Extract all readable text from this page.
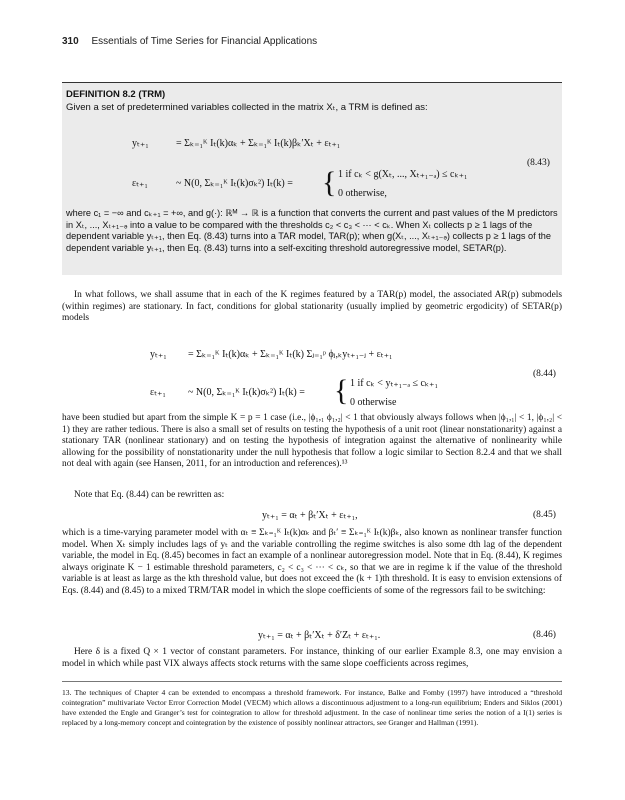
310 Essentials of Time Series for Financial Applications
DEFINITION 8.2 (TRM)
Given a set of predetermined variables collected in the matrix Xₜ, a TRM is defined as:
yₜ₊₁	= Σₖ₌₁ᴷ Iₜ(k)αₖ + Σₖ₌₁ᴷ Iₜ(k)βₖ′Xₜ + εₜ₊₁
εₜ₊₁	~ N(0, Σₖ₌₁ᴷ Iₜ(k)σₖ²) Iₜ(k) = { 1 if cₖ < g(Xₜ, ..., Xₜ₊₁₋ₔ) ≤ cₖ₊₁
0 otherwise,
(8.43)
where c₁ = −∞ and cₖ₊₁ = +∞, and g(·): ℝᴹ → ℝ is a function that converts the current and past values of the M predictors in Xₜ, ..., Xₜ₊₁₋ₔ into a value to be compared with the thresholds c₂ < c₃ < ⋯ < cₖ. When Xₜ collects p ≥ 1 lags of the dependent variable yₜ₊₁, then Eq. (8.43) turns into a TAR model, TAR(p); when g(Xₜ, ..., Xₜ₊₁₋ₔ) collects p ≥ 1 lags of the dependent variable yₜ₊₁, then Eq. (8.43) turns into a self-exciting threshold autoregressive model, SETAR(p).
In what follows, we shall assume that in each of the K regimes featured by a TAR(p) model, the associated AR(p) submodels (within regimes) are stationary. In fact, conditions for global stationarity (usually implied by geometric ergodicity) of SETAR(p) models
yₜ₊₁ = Σₖ₌₁ᴷ Iₜ(k)αₖ + Σₖ₌₁ᴷ Iₜ(k) Σⱼ₌₁ᵖ ϕⱼ,ₖyₜ₊₁₋ⱼ + εₜ₊₁
εₜ₊₁ ~ N(0, Σₖ₌₁ᴷ Iₜ(k)σₖ²) Iₜ(k) = { 1 if cₖ < yₜ₊₁₋ₔ ≤ cₖ₊₁
0 otherwise
(8.44)
have been studied but apart from the simple K = p = 1 case (i.e., |ϕ₁,₁ ϕ₁,₂| < 1 that obviously always follows when |ϕ₁,₁| < 1, |ϕ₁,₂| < 1) they are rather tedious. There is also a small set of results on testing the hypothesis of a unit root (linear nonstationarity) against a stationary TAR (nonlinear stationary) and on testing the hypothesis of integration against the alternative of nonlinearity while allowing for the possibility of nonstationarity under the null hypothesis that follow a logic similar to Section 8.2.4 and that we shall not deal with again (see Hansen, 2011, for an introduction and references).¹³
Note that Eq. (8.44) can be rewritten as:
yₜ₊₁ = αₜ + βₜ′Xₜ + εₜ₊₁,	(8.45)
which is a time-varying parameter model with αₜ ≡ Σₖ₌₁ᴷ Iₜ(k)αₖ and βₜ′ ≡ Σₖ₌₁ᴷ Iₜ(k)βₖ, also known as nonlinear transfer function model. When Xₜ simply includes lags of yₜ and the variable controlling the regime switches is also some dth lag of the dependent variable, the model in Eq. (8.45) becomes in fact an example of a nonlinear autoregression model. Note that in Eq. (8.44), K regimes always originate K − 1 estimable threshold parameters, c₂ < c₃ < ⋯ < cₖ, so that we are in regime k if the value of the threshold variable is at least as large as the kth threshold value, but does not exceed the (k + 1)th threshold. It is easy to envision extensions of Eqs. (8.44) and (8.45) to a mixed TRM/TAR model in which the slope coefficients of some of the regressors fail to be switching:
yₜ₊₁ = αₜ + βₜ′Xₜ + δ′Zₜ + εₜ₊₁.	(8.46)
Here δ is a fixed Q × 1 vector of constant parameters. For instance, thinking of our earlier Example 8.3, one may envision a model in which while past VIX always affects stock returns with the same slope coefficients across regimes,
13. The techniques of Chapter 4 can be extended to encompass a threshold framework. For instance, Balke and Fomby (1997) have introduced a “threshold cointegration” multivariate Vector Error Correction Model (VECM) which allows a discontinuous adjustment to a long-run equilibrium; Enders and Siklos (2001) have extended the Engle and Granger’s test for cointegration to allow for threshold adjustment. In the case of nonlinear time series the notion of a I(1) series is replaced by a long-memory concept and cointegration by the existence of possibly nonlinear attractors, see Granger and Hallman (1991).
